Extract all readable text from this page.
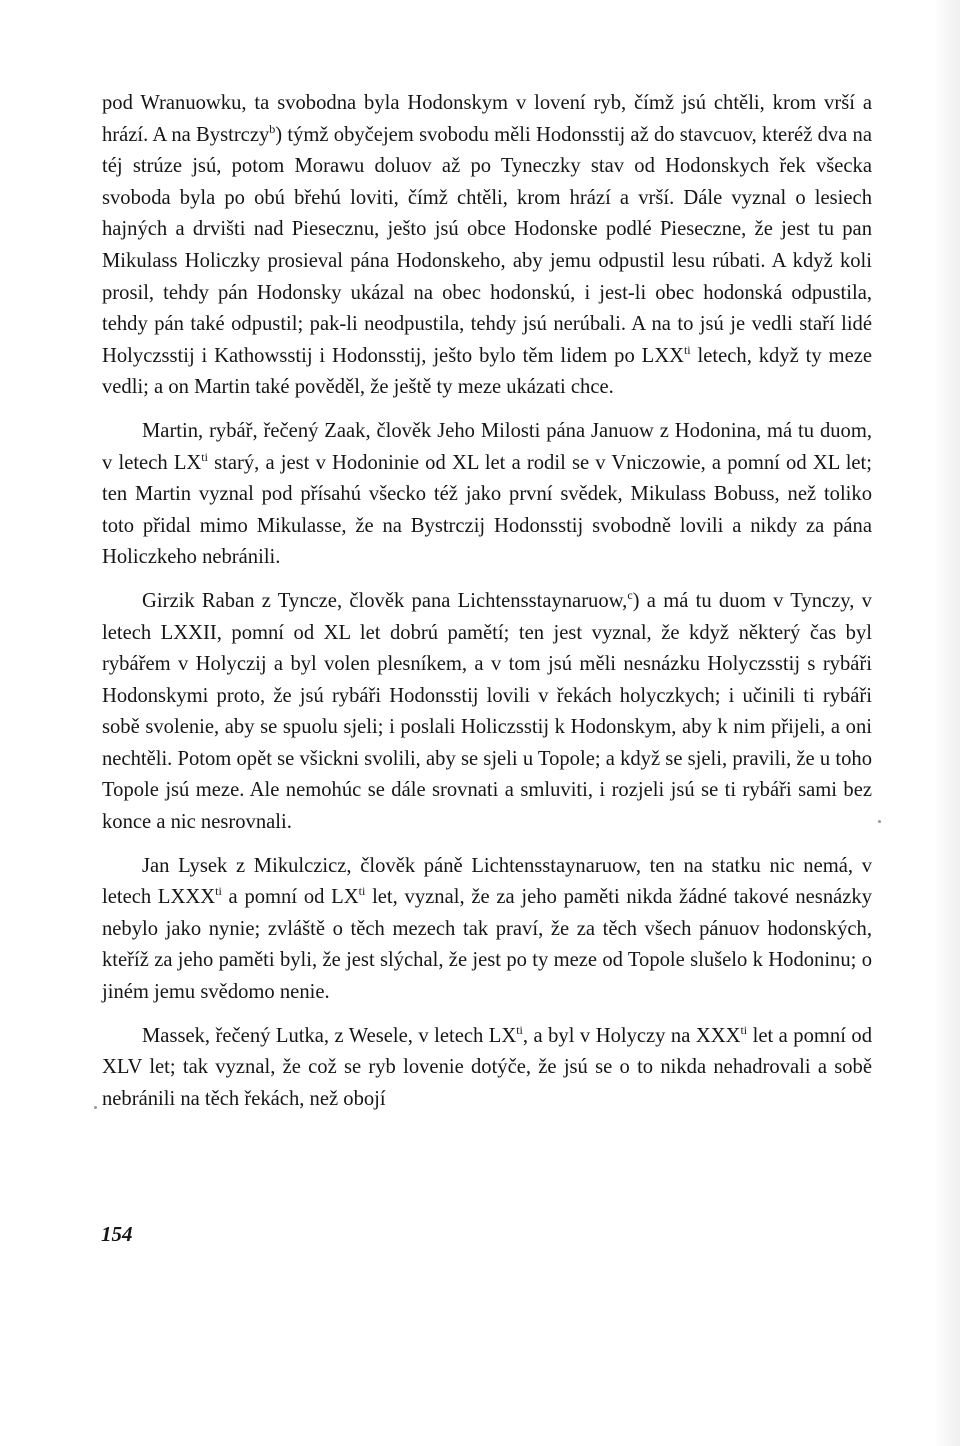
pod Wranuowku, ta svobodna byla Hodonskym v lovení ryb, čímž jsú chtěli, krom vrší a hrází. A na Bystrczy$^b$) týmž obyčejem svobodu měli Hodonsstij až do stavcuov, kteréž dva na téj strúze jsú, potom Morawu doluov až po Tyneczky stav od Hodonskych řek všecka svoboda byla po obú břehú loviti, čímž chtěli, krom hrází a vrší. Dále vyznal o lesiech hajných a drvišti nad Piesecznu, ješto jsú obce Hodonske podlé Pieseczne, že jest tu pan Mikulass Holiczky prosieval pána Hodonskeho, aby jemu odpustil lesu rúbati. A když koli prosil, tehdy pán Hodonsky ukázal na obec hodonskú, i jest-li obec hodonská odpustila, tehdy pán také odpustil; pak-li neodpustila, tehdy jsú nerúbali. A na to jsú je vedli staří lidé Holyczsstij i Kathowsstij i Hodonsstij, ješto bylo těm lidem po $LXX^{ti}$ letech, když ty meze vedli; a on Martin také pověděl, že ještě ty meze ukázati chce.

Martin, rybář, řečený Zaak, člověk Jeho Milosti pána Januow z Hodonina, má tu duom, v letech $LX^{ti}$ starý, a jest v Hodoninie od XL let a rodil se v Vniczowie, a pomní od XL let; ten Martin vyznal pod přísahú všecko též jako první svědek, Mikulass Bobuss, než toliko toto přidal mimo Mikulasse, že na Bystrczij Hodonsstij svobodně lovili a nikdy za pána Holiczkeho nebránili.

Girzik Raban z Tyncze, člověk pana Lichtensstaynaruow,$^c$) a má tu duom v Tynczy, v letech LXXII, pomní od XL let dobrú pamětí; ten jest vyznal, že když některý čas byl rybářem v Holyczij a byl volen plesníkem, a v tom jsú měli nesnázku Holyczsstij s rybáři Hodonskymi proto, že jsú rybáři Hodonsstij lovili v řekách holyczkych; i učinili ti rybáři sobě svolenie, aby se spuolu sjeli; i poslali Holiczsstij k Hodonskym, aby k nim přijeli, a oni nechtěli. Potom opět se všickni svolili, aby se sjeli u Topole; a když se sjeli, pravili, že u toho Topole jsú meze. Ale nemohúc se dále srovnati a smluviti, i rozjeli jsú se ti rybáři sami bez konce a nic nesrovnali.

Jan Lysek z Mikulczicz, člověk páně Lichtensstaynaruow, ten na statku nic nemá, v letech $LXXX^{ti}$ a pomní od $LX^{ti}$ let, vyznal, že za jeho paměti nikda žádné takové nesnázky nebylo jako nynie; zvláště o těch mezech tak praví, že za těch všech pánuov hodonských, kteříž za jeho paměti byli, že jest slýchal, že jest po ty meze od Topole slušelo k Hodoninu; o jiném jemu svědomo nenie.

Massek, řečený Lutka, z Wesele, v letech $LX^{ti}$, a byl v Holyczy na $XXX^{ti}$ let a pomní od XLV let; tak vyznal, že což se ryb lovenie dotýče, že jsú se o to nikda nehadrovali a sobě nebránili na těch řekách, než obojí

154
